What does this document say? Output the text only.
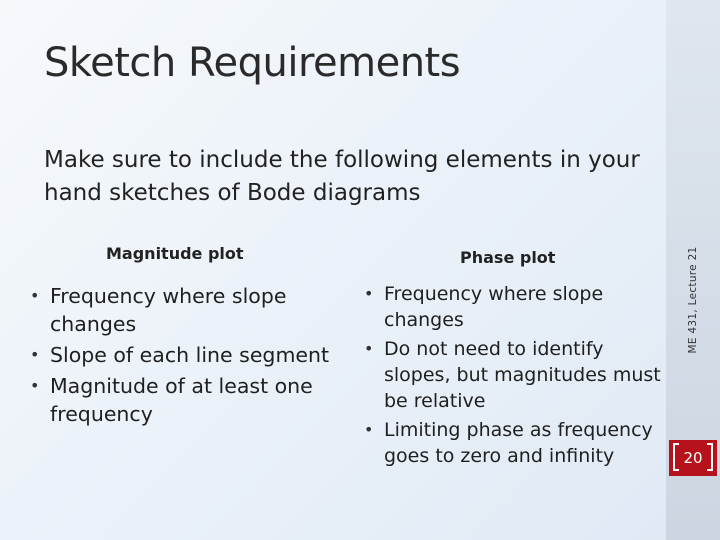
Sketch Requirements
Make sure to include the following elements in your hand sketches of Bode diagrams
Magnitude plot
• Frequency where slope changes
• Slope of each line segment
• Magnitude of at least one frequency
Phase plot
• Frequency where slope changes
• Do not need to identify slopes, but magnitudes must be relative
• Limiting phase as frequency goes to zero and infinity
ME 431, Lecture 21
20
